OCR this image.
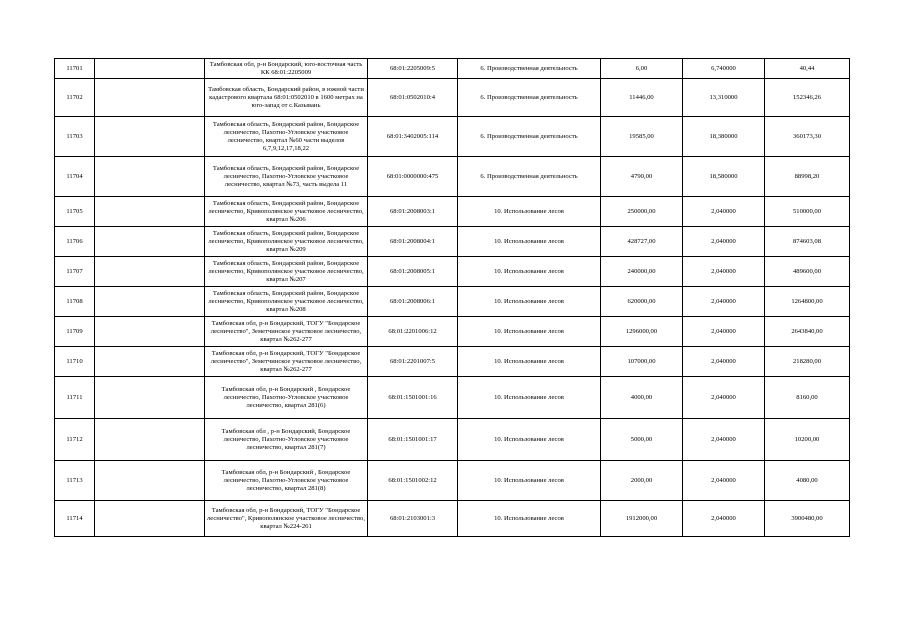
11701		Тамбовская обл, р-н Бондарский, юго-восточная часть КК 68:01:2205009	68:01:2205009:5	6. Производственная деятельность	6,00	6,740000	40,44
11702		Тамбовская область, Бондарский район, в южной части кадастрового квартала 68:01:0502010 в 1600 метрах на юго-запад от с.Казывань	68:01:0502010:4	6. Производственная деятельность	11446,00	13,310000	152346,26
11703		Тамбовская область, Бондарский район, Бондарское лесничество, Пахотно-Угловское участковое лесничество, квартал №60 части выделов 6,7,9,12,17,18,22	68:01:3402005:114	6. Производственная деятельность	19585,00	18,380000	360173,30
11704		Тамбовская область, Бондарский район, Бондарское лесничество, Пахотно-Угловское участковое лесничество, квартал №73, часть выдела 11	68:01:0000000:475	6. Производственная деятельность	4790,00	18,580000	88998,20
11705		Тамбовская область, Бондарский район, Бондарское лесничество, Кривополянское участковое лесничество, квартал №206	68:01:2008003:1	10. Использование лесов	250000,00	2,040000	510000,00
11706		Тамбовская область, Бондарский район, Бондарское лесничество, Кривополянское участковое лесничество, квартал №209	68:01:2008004:1	10. Использование лесов	428727,00	2,040000	874603,08
11707		Тамбовская область, Бондарский район, Бондарское лесничество, Кривополянское участковое лесничество, квартал №207	68:01:2008005:1	10. Использование лесов	240000,00	2,040000	489600,00
11708		Тамбовская область, Бондарский район, Бондарское лесничество, Кривополянское участковое лесничество, квартал №208	68:01:2008006:1	10. Использование лесов	620000,00	2,040000	1264800,00
11709		Тамбовская обл, р-н Бондарский, ТОГУ "Бондарское лесничество", Земетчинское участковое лесничество, квартал №262-277	68:01:2201006:12	10. Использование лесов	1296000,00	2,040000	2643840,00
11710		Тамбовская обл, р-н Бондарский, ТОГУ "Бондарское лесничество", Земетчинское участковое лесничество, квартал №262-277	68:01:2201007:5	10. Использование лесов	107000,00	2,040000	218280,00
11711		Тамбовская обл, р-н Бондарский , Бондарское лесничество, Пахотно-Угловское участковое лесничество, квартал 281(6)	68:01:1501001:16	10. Использование лесов	4000,00	2,040000	8160,00
11712		Тамбовская обл , р-н Бондарский, Бондарское лесничество, Пахотно-Угловское участковое лесничество, квартал 281(7)	68:01:1501001:17	10. Использование лесов	5000,00	2,040000	10200,00
11713		Тамбовская обл, р-н Бондарский , Бондарское лесничество, Пахотно-Угловское участковое лесничество, квартал 281(8)	68:01:1501002:12	10. Использование лесов	2000,00	2,040000	4080,00
11714		Тамбовская обл, р-н Бондарский, ТОГУ "Бондарское лесничество", Кривополянское участковое лесничество, квартал №224-261	68:01:2103001:3	10. Использование лесов	1912000,00	2,040000	3900480,00
